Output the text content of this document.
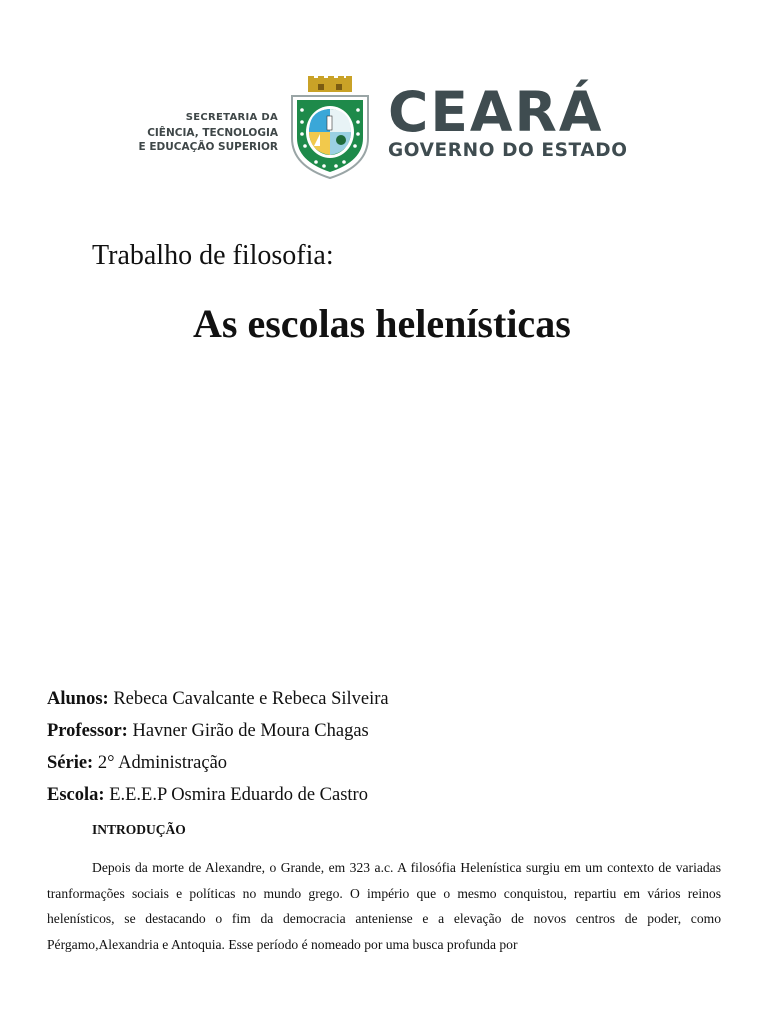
SECRETARIA DA
CIÊNCIA, TECNOLOGIA
E EDUCAÇÃO SUPERIOR
CEARÁ
GOVERNO DO ESTADO
Trabalho de filosofia:
As escolas helenísticas
Alunos: Rebeca Cavalcante e Rebeca Silveira
Professor: Havner Girão de Moura Chagas
Série: 2° Administração
Escola: E.E.E.P Osmira Eduardo de Castro
INTRODUÇÃO
Depois da morte de Alexandre, o Grande, em 323 a.c. A filosófia Helenística surgiu em um contexto de variadas tranformações sociais e políticas no mundo grego. O império que o mesmo conquistou, repartiu em vários reinos helenísticos, se destacando o fim da democracia anteniense e a elevação de novos centros de poder, como Pérgamo,Alexandria e Antoquia. Esse período é nomeado por uma busca profunda por
